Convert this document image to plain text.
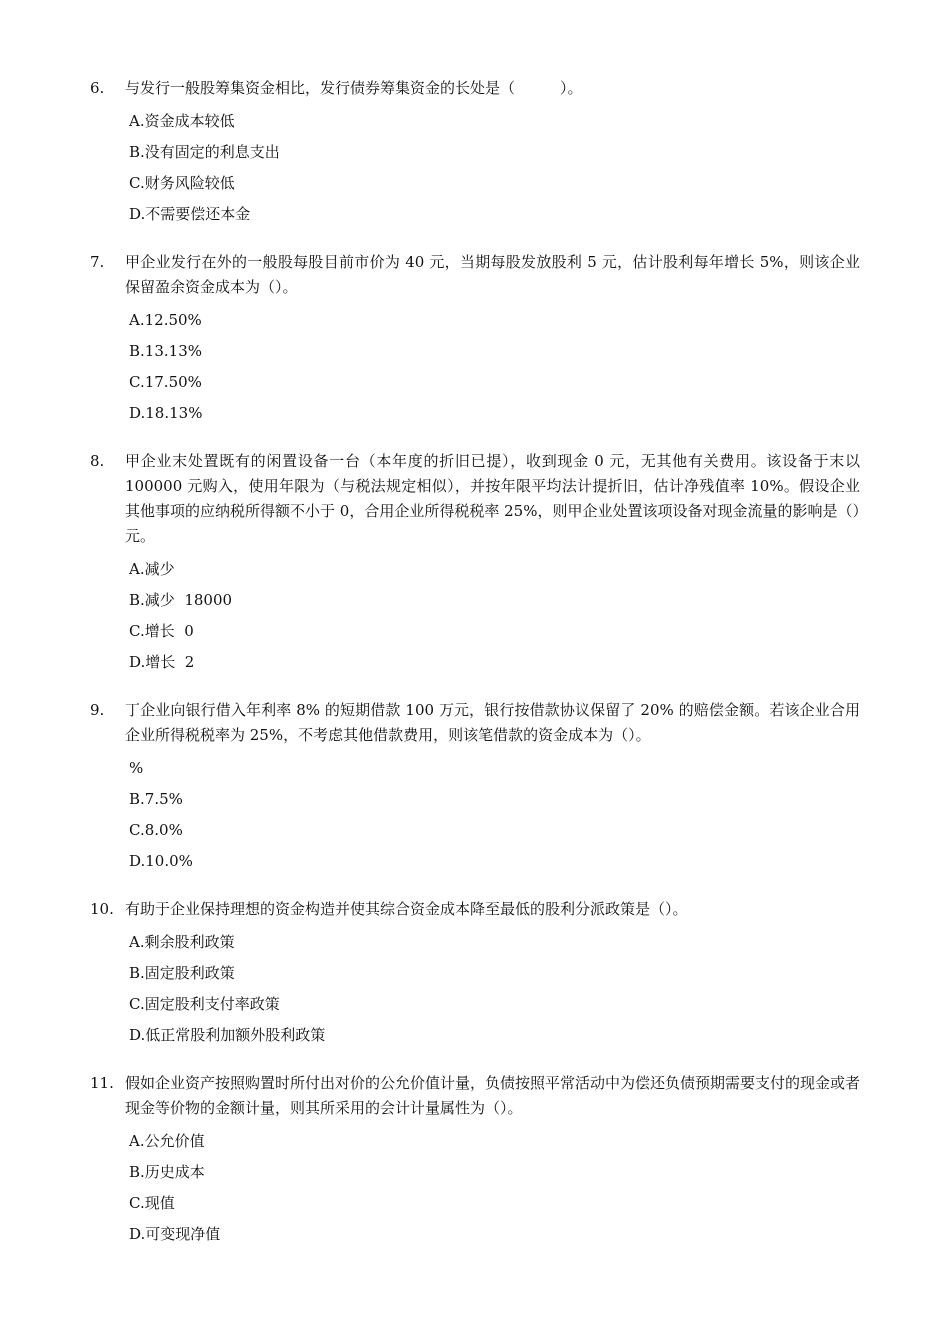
6.	与发行一般股筹集资金相比，发行债券筹集资金的长处是（　　　）。
A.资金成本较低
B.没有固定的利息支出
C.财务风险较低
D.不需要偿还本金
7.	甲企业发行在外的一般股每股目前市价为 40 元，当期每股发放股利 5 元，估计股利每年增长 5%，则该企业保留盈余资金成本为（）。
A.12.50%
B.13.13%
C.17.50%
D.18.13%
8.	甲企业末处置既有的闲置设备一台（本年度的折旧已提），收到现金 0 元，无其他有关费用。该设备于末以 100000 元购入，使用年限为（与税法规定相似），并按年限平均法计提折旧，估计净残值率 10%。假设企业其他事项的应纳税所得额不小于 0，合用企业所得税税率 25%，则甲企业处置该项设备对现金流量的影响是（）元。
A.减少
B.减少  18000
C.增长  0
D.增长  2
9.	丁企业向银行借入年利率 8% 的短期借款 100 万元，银行按借款协议保留了 20% 的赔偿金额。若该企业合用企业所得税税率为 25%，不考虑其他借款费用，则该笔借款的资金成本为（）。
%
B.7.5%
C.8.0%
D.10.0%
10. 有助于企业保持理想的资金构造并使其综合资金成本降至最低的股利分派政策是（）。
A.剩余股利政策
B.固定股利政策
C.固定股利支付率政策
D.低正常股利加额外股利政策
11. 假如企业资产按照购置时所付出对价的公允价值计量，负债按照平常活动中为偿还负债预期需要支付的现金或者现金等价物的金额计量，则其所采用的会计计量属性为（）。
A.公允价值
B.历史成本
C.现值
D.可变现净值
